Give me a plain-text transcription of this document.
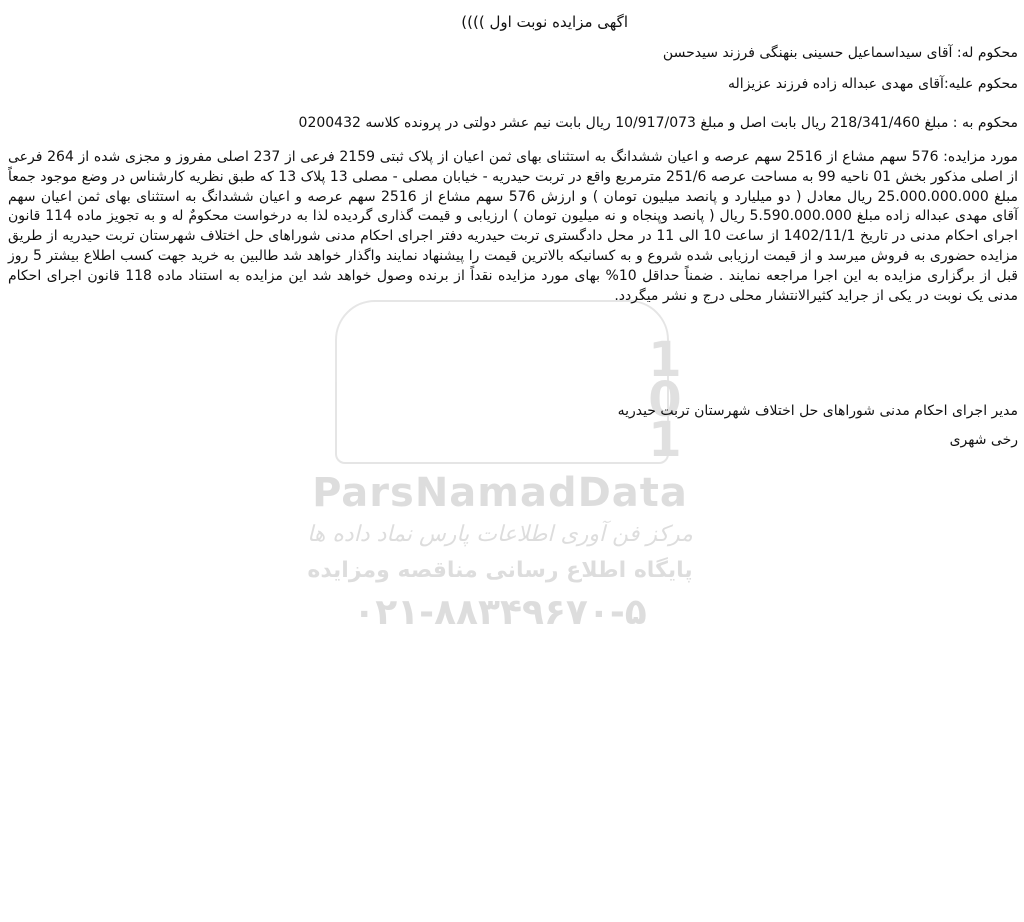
1
0
1
ParsNamadData
مرکز فن آوری اطلاعات پارس نماد داده ها
پایگاه اطلاع رسانی مناقصه ومزایده
۰۲۱-۸۸۳۴۹۶۷۰-۵

اگهی مزایده نوبت اول ))))

محکوم له: آقای سیداسماعیل حسینی بنهنگی فرزند سیدحسن

محکوم علیه:آقای مهدی عبداله زاده فرزند عزیزاله

محکوم به : مبلغ 218/341/460 ریال بابت اصل و مبلغ 10/917/073 ریال بابت نیم عشر دولتی در پرونده کلاسه 0200432

مورد مزایده: 576 سهم مشاع از 2516 سهم عرصه و اعیان ششدانگ به استثنای بهای ثمن اعیان از پلاک ثبتی 2159 فرعی از 237 اصلی مفروز و مجزی شده از 264 فرعی از اصلی مذکور بخش 01 ناحیه 99 به مساحت عرصه 251/6 مترمربع واقع در تربت حیدریه - خیابان مصلی - مصلی 13 پلاک 13 که طبق نظریه کارشناس در وضع موجود جمعاً مبلغ 25.000.000.000 ریال معادل ( دو میلیارد و پانصد میلیون تومان ) و ارزش 576 سهم مشاع از 2516 سهم عرصه و اعیان ششدانگ به استثنای بهای ثمن اعیان سهم آقای مهدی عبداله زاده مبلغ 5.590.000.000 ریال ( پانصد وپنجاه و نه میلیون تومان ) ارزیابی و قیمت گذاری گردیده لذا به درخواست محکومٌ له و به تجویز ماده 114 قانون اجرای احکام مدنی در تاریخ 1402/11/1 از ساعت 10 الی 11 در محل دادگستری تربت حیدریه دفتر اجرای احکام مدنی شوراهای حل اختلاف شهرستان تربت حیدریه از طریق مزایده حضوری به فروش میرسد و از قیمت ارزیابی شده شروع و به کسانیکه بالاترین قیمت را پیشنهاد نمایند واگذار خواهد شد طالبین به خرید جهت کسب اطلاع بیشتر 5 روز قبل از برگزاری مزایده به این اجرا مراجعه نمایند . ضمناً حداقل 10% بهای مورد مزایده نقداً از برنده وصول خواهد شد این مزایده به استناد ماده 118 قانون اجرای احکام مدنی یک نوبت در یکی از جراید کثیرالانتشار محلی درج و نشر میگردد.

مدیر اجرای احکام مدنی شوراهای حل اختلاف شهرستان تربت حیدریه

رخی شهری
